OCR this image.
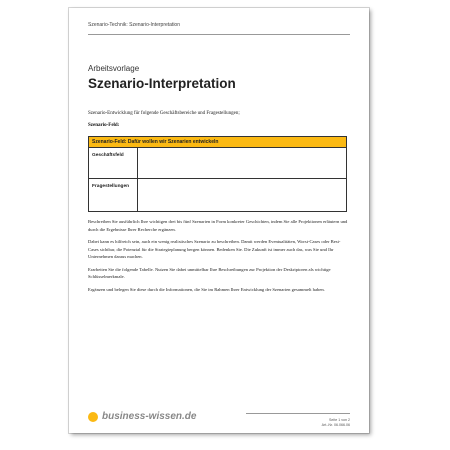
Szenario-Technik: Szenario-Interpretation
Arbeitsvorlage
Szenario-Interpretation
Szenario-Entwicklung für folgende Geschäftsbereiche und Fragestellungen;
Szenario-Feld:
Szenario-Feld: Dafür wollen wir Szenarien entwickeln
Geschäftsfeld
Fragestellungen

Beschreiben Sie ausführlich Ihre wichtigen drei bis fünf Szenarien in Form konkreter Geschichten, indem Sie alle Projektionen erläutern und durch die Ergebnisse Ihrer Recherche ergänzen.

Dabei kann es hilfreich sein, auch ein wenig realistisches Szenario zu beschreiben. Damit werden Eventualitäten, Worst-Cases oder Best-Cases sichtbar, die Potenzial für die Strategieplanung bergen können. Bedenken Sie. Die Zukunft ist immer auch das, was Sie und Ihr Unternehmen daraus machen.

Erarbeiten Sie die folgende Tabelle. Nutzen Sie dabei unmittelbar Ihre Beschreibungen zur Projektion der Deskriptoren als wichtige Schlüsselmerkmale.

Ergänzen und belegen Sie diese durch die Informationen, die Sie im Rahmen Ihrer Entwicklung der Szenarien gesammelt haben.

business-wissen.de	Seite 1 von 2
Art.-Nr. 06.066.06
